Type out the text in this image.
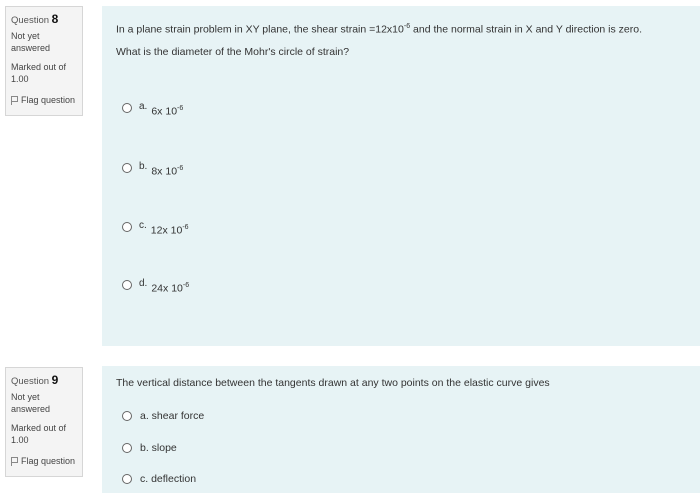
Question 8
Not yet answered
Marked out of 1.00
Flag question

In a plane strain problem in XY plane, the shear strain $=12x10^{-6}$ and the normal strain in X and Y direction is zero.

What is the diameter of the Mohr's circle of strain?

a. 6x $10^{-6}$
b. 8x $10^{-6}$
c. 12x $10^{-6}$
d. 24x $10^{-6}$
Question 9
Not yet answered
Marked out of 1.00
Flag question
The vertical distance between the tangents drawn at any two points on the elastic curve gives
a. shear force
b. slope
c. deflection
